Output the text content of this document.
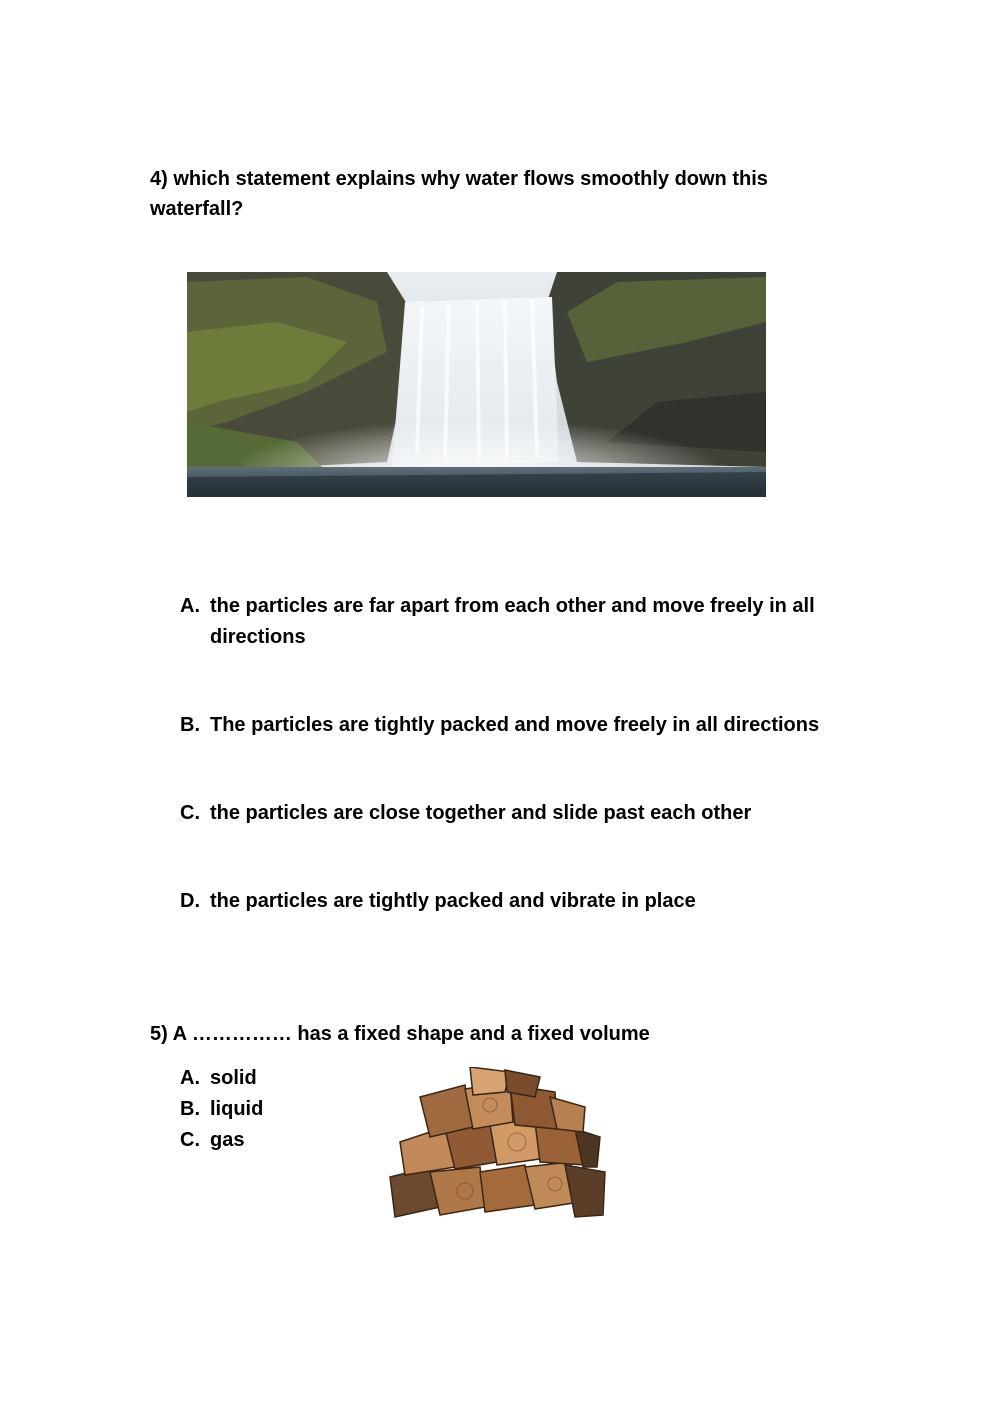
4) which statement explains why water flows smoothly down this
waterfall?
A. the particles are far apart from each other and move freely in all
directions
B. The particles are tightly packed and move freely in all directions
C. the particles are close together and slide past each other
D. the particles are tightly packed and vibrate in place
5) A …………… has a fixed shape and a fixed volume
A. solid
B. liquid
C. gas
